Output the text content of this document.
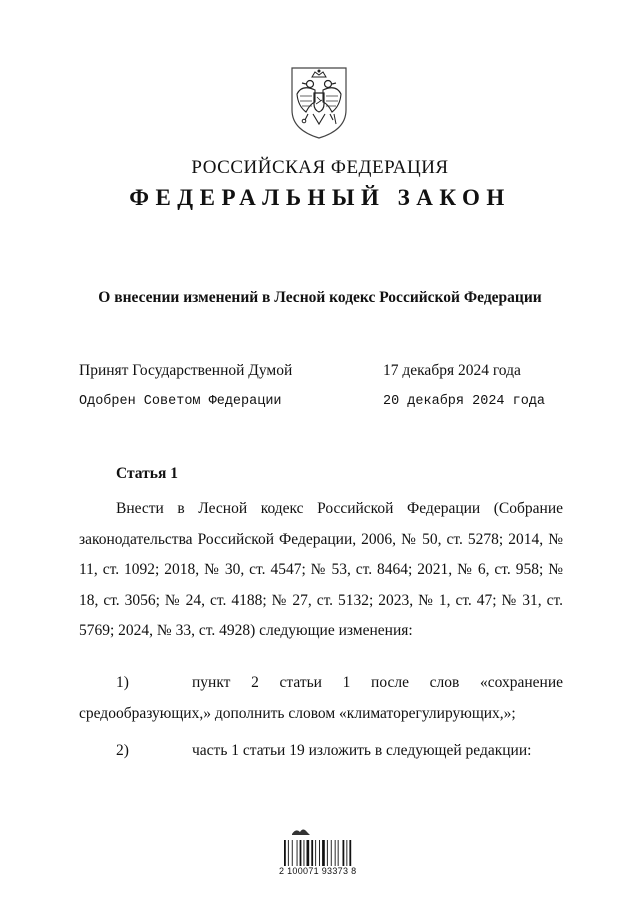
РОССИЙСКАЯ ФЕДЕРАЦИЯ
ФЕДЕРАЛЬНЫЙ ЗАКОН
О внесении изменений в Лесной кодекс Российской Федерации
Принят Государственной Думой	17 декабря 2024 года
Одобрен Советом Федерации	20 декабря 2024 года
Статья 1

Внести в Лесной кодекс Российской Федерации (Собрание законодательства Российской Федерации, 2006, № 50, ст. 5278; 2014, № 11, ст. 1092; 2018, № 30, ст. 4547; № 53, ст. 8464; 2021, № 6, ст. 958; № 18, ст. 3056; № 24, ст. 4188; № 27, ст. 5132; 2023, № 1, ст. 47; № 31, ст. 5769; 2024, № 33, ст. 4928) следующие изменения:

1)	пункт 2 статьи 1 после слов «сохранение средообразующих,» дополнить словом «климаторегулирующих,»;

2)	часть 1 статьи 19 изложить в следующей редакции:

2 100071 93373 8
